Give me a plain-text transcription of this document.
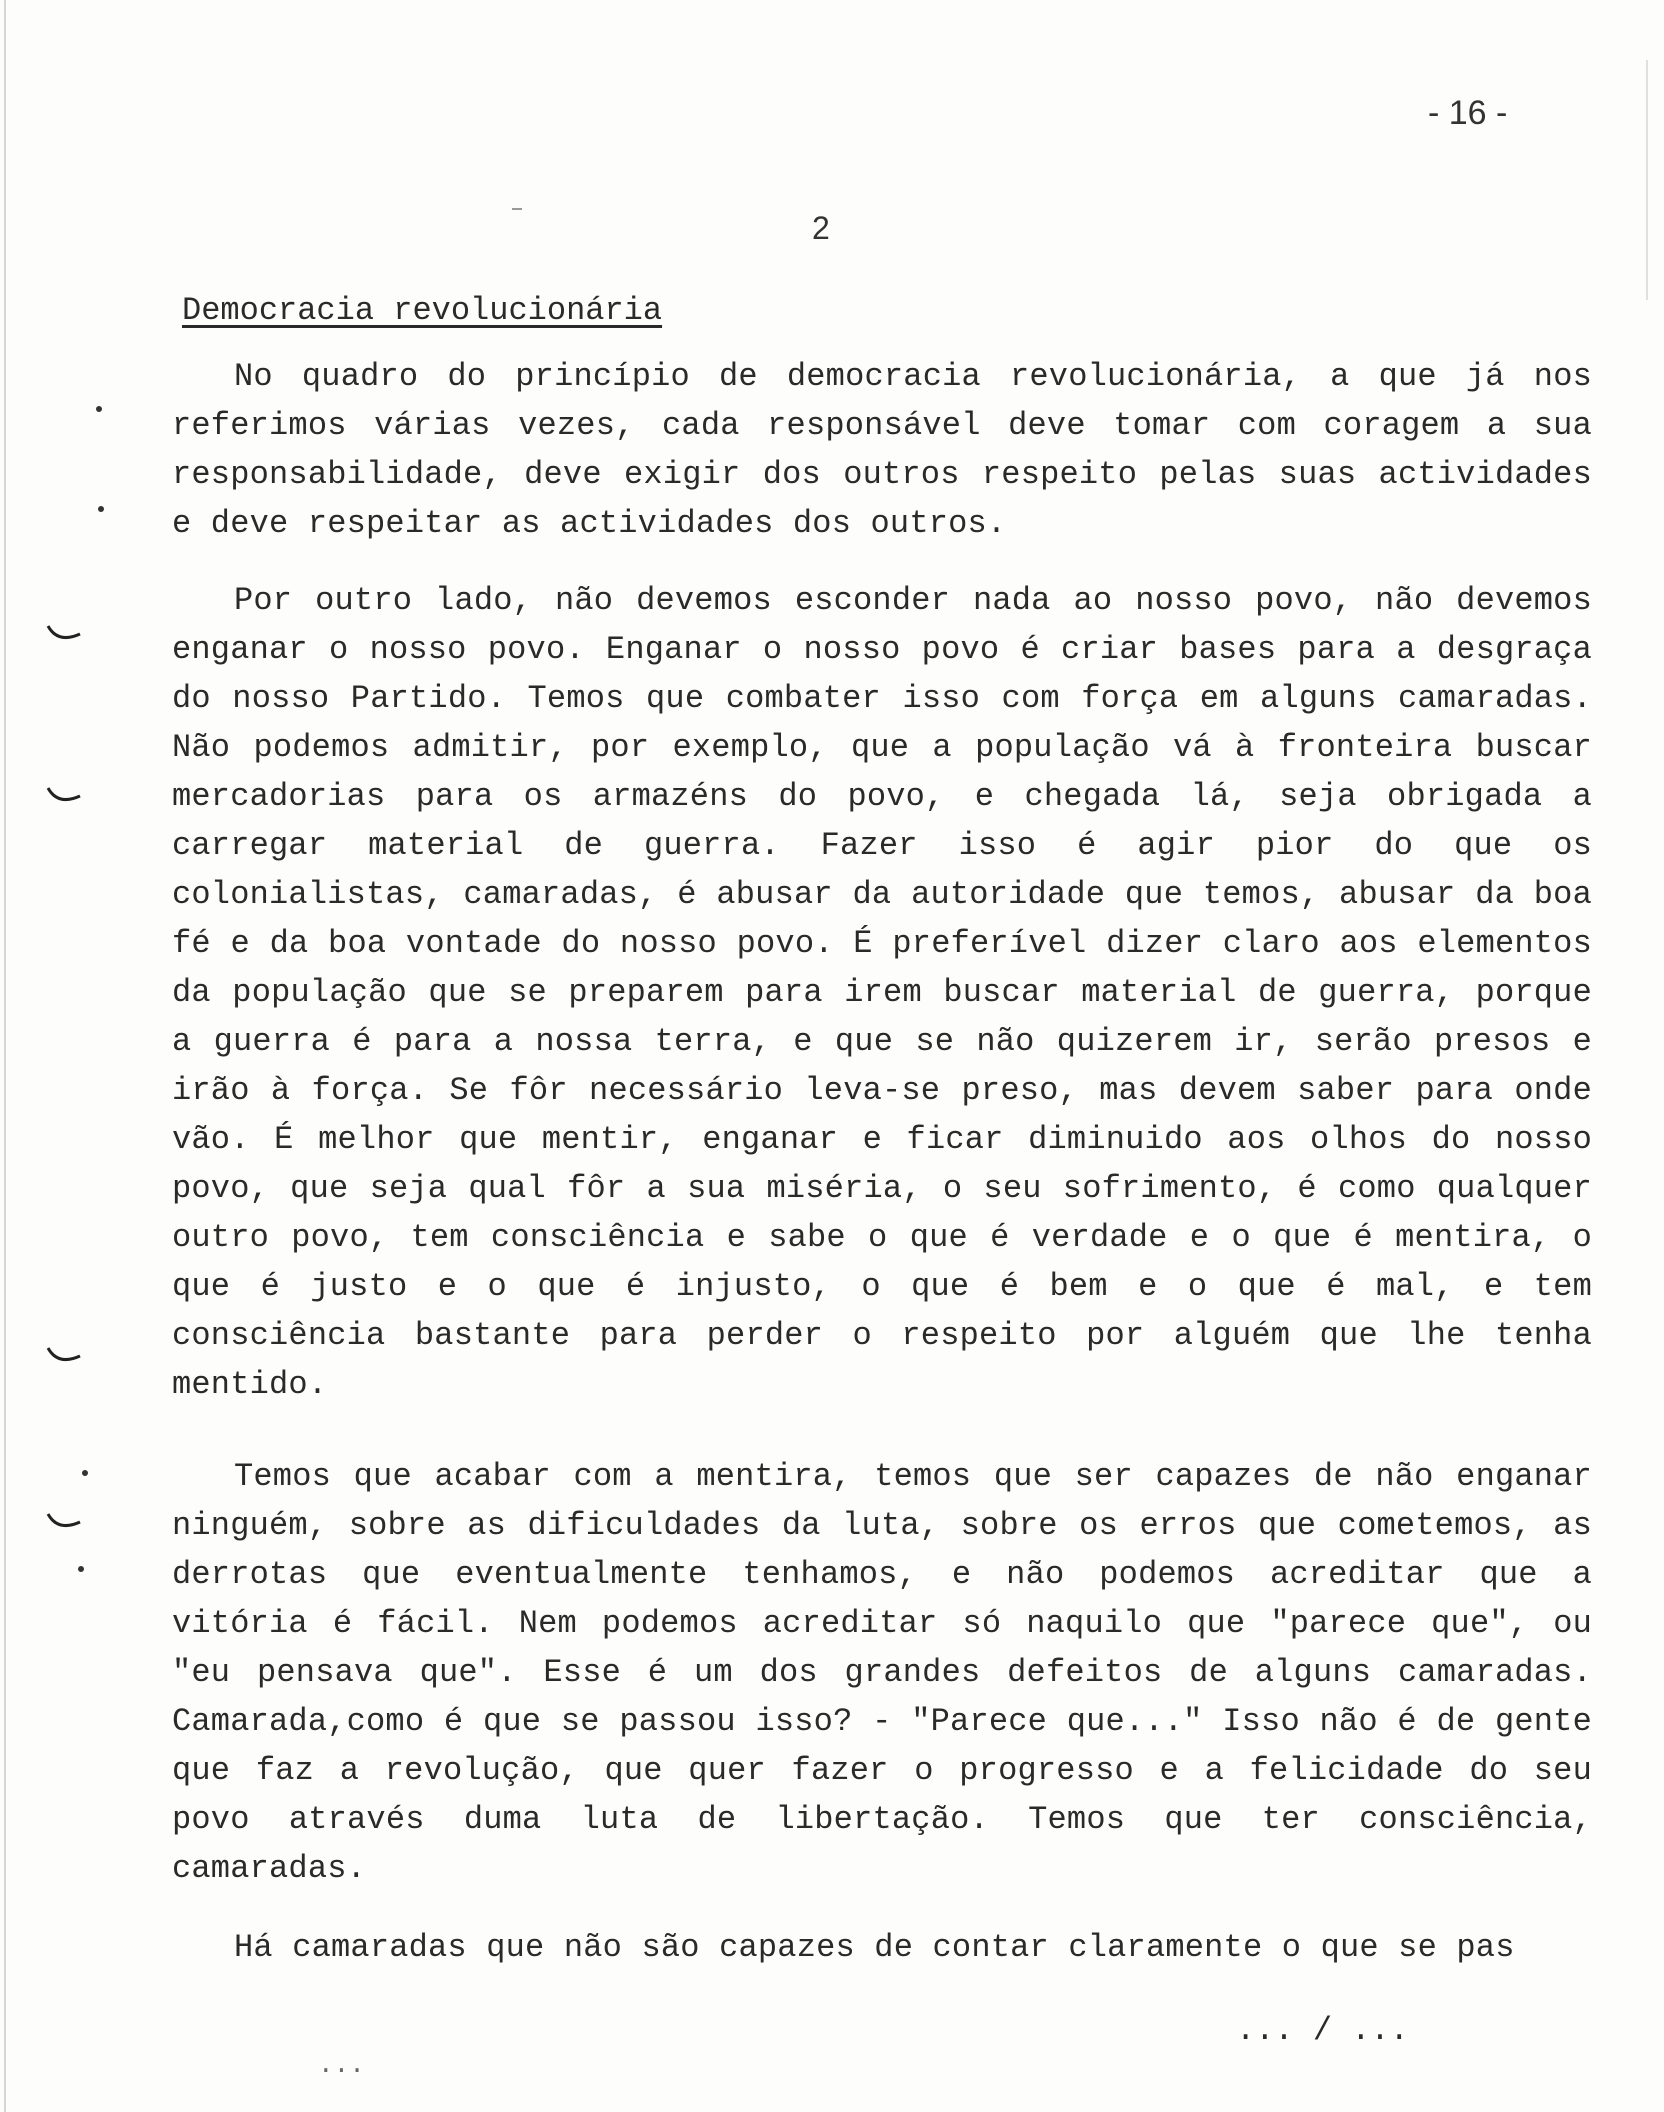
- 16 -
2
Democracia revolucionária

No quadro do princípio de democracia revolucionária, a que já nos referimos várias vezes, cada responsável deve tomar com coragem a sua responsabilidade, deve exigir dos outros respeito pelas suas actividades e deve respeitar as actividades dos outros.

Por outro lado, não devemos esconder nada ao nosso povo, não devemos enganar o nosso povo. Enganar o nosso povo é criar bases para a desgraça do nosso Partido. Temos que combater isso com força em alguns camaradas. Não podemos admitir, por exemplo, que a população vá à fronteira buscar mercadorias para os armazéns do povo, e chegada lá, seja obrigada a carregar material de guerra. Fazer isso é agir pior do que os colonialistas, camaradas, é abusar da autoridade que temos, abusar da boa fé e da boa vontade do nosso povo. É preferível dizer claro aos elementos da população que se preparem para irem buscar material de guerra, porque a guerra é para a nossa terra, e que se não quizerem ir, serão presos e irão à força. Se fôr necessário leva-se preso, mas devem saber para onde vão. É melhor que mentir, enganar e ficar diminuido aos olhos do nosso povo, que seja qual fôr a sua miséria, o seu sofrimento, é como qualquer outro povo, tem consciência e sabe o que é verdade e o que é mentira, o que é justo e o que é injusto, o que é bem e o que é mal, e tem consciência bastante para perder o respeito por alguém que lhe tenha mentido.

Temos que acabar com a mentira, temos que ser capazes de não enganar ninguém, sobre as dificuldades da luta, sobre os erros que cometemos, as derrotas que eventualmente tenhamos, e não podemos acreditar que a vitória é fácil. Nem podemos acreditar só naquilo que "parece que", ou "eu pensava que". Esse é um dos grandes defeitos de alguns camaradas. Camarada,como é que se passou isso? - "Parece que..." Isso não é de gente que faz a revolução, que quer fazer o progresso e a felicidade do seu povo através duma luta de libertação. Temos que ter consciência, camaradas.

Há camaradas que não são capazes de contar claramente o que se pas

... / ...
...
